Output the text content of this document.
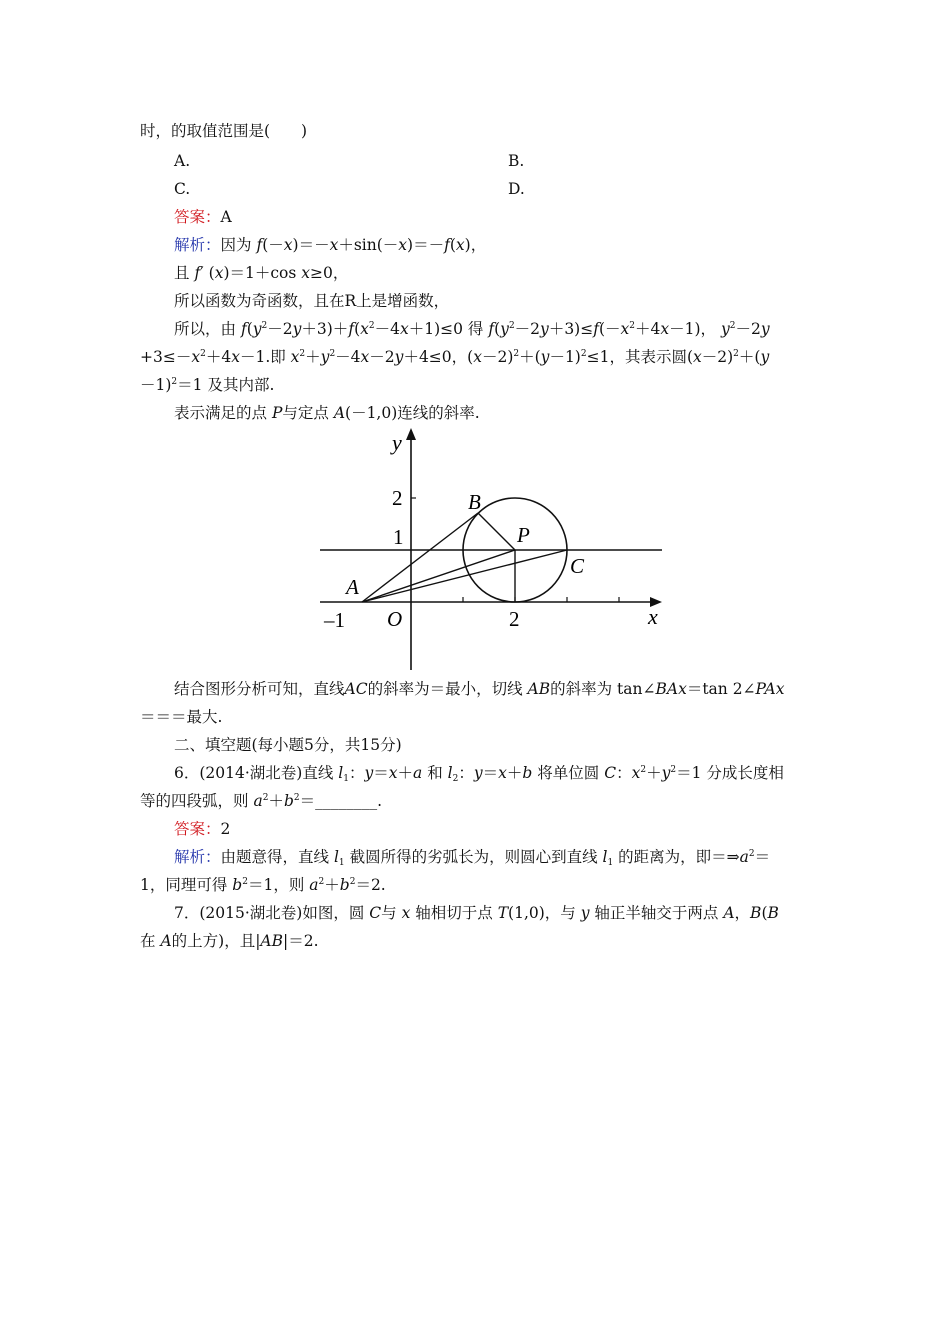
时，的取值范围是(　　)
A.	B.
C.	D.
答案：A
解析：因为 f(－x)＝－x＋sin(－x)＝－f(x)，
且 f′ (x)＝1＋cos x≥0，
所以函数为奇函数，且在R上是增函数，
所以，由 $f(y^2-2y+3)+f(x^2-4x+1)\le 0$ 得 $f(y^2-2y+3)\le f(-x^2+4x-1)$， $y^2-2y$
$+3\le-x^2+4x-1$.即 $x^2+y^2-4x-2y+4\le 0$，$(x-2)^2+(y-1)^2\le 1$，其表示圆$(x-2)^2+(y$
－1)$^2$＝1 及其内部.
表示满足的点 P与定点 A(－1,0)连线的斜率.
y
x
2
1
O
–1	2
A
B
P
C
结合图形分析可知，直线AC的斜率为＝最小，切线 AB的斜率为 tan∠BAx＝tan 2∠PAx
＝＝＝最大.
二、填空题(每小题5分，共15分)
6．(2014·湖北卷)直线 $l_1$：y＝x＋a 和 $l_2$：y＝x＋b 将单位圆 C：$x^2+y^2=1$ 分成长度相
等的四段弧，则 $a^2+b^2=\_\_\_\_\_\_\_\_$.
答案：2
解析：由题意得，直线 $l_1$ 截圆所得的劣弧长为，则圆心到直线 $l_1$ 的距离为，即$=\Rightarrow a^2=$
1，同理可得 $b^2=1$，则 $a^2+b^2=2$.
7．(2015·湖北卷)如图，圆 C与 x 轴相切于点 T(1,0)，与 y 轴正半轴交于两点 A，B(B
在 A的上方)，且|AB|＝2.
